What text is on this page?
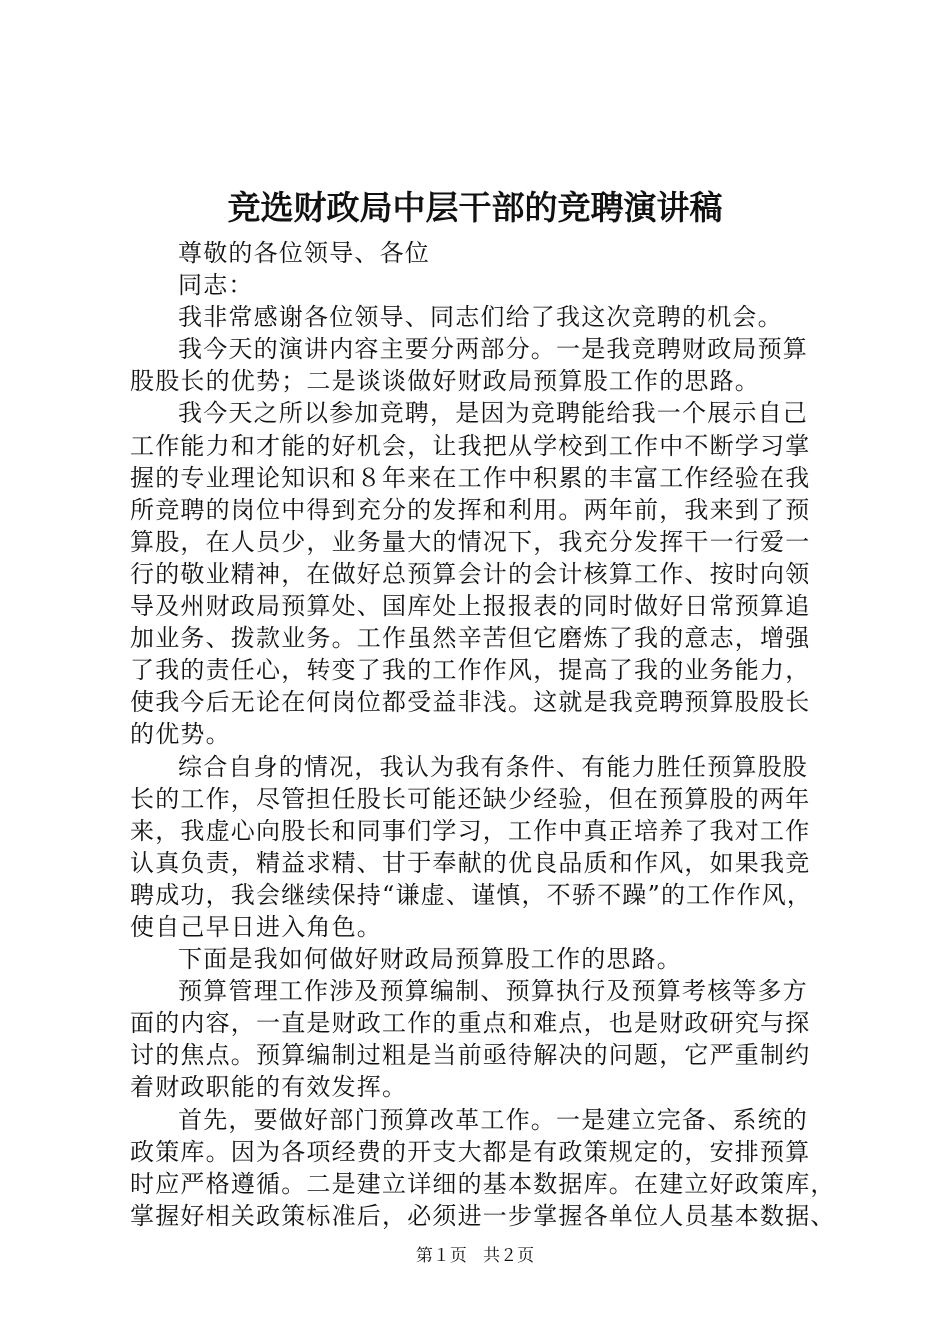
竞选财政局中层干部的竞聘演讲稿
尊敬的各位领导、各位
同志：
我非常感谢各位领导、同志们给了我这次竞聘的机会。
我今天的演讲内容主要分两部分。一是我竞聘财政局预算
股股长的优势；二是谈谈做好财政局预算股工作的思路。
我今天之所以参加竞聘，是因为竞聘能给我一个展示自己
工作能力和才能的好机会，让我把从学校到工作中不断学习掌
握的专业理论知识和８年来在工作中积累的丰富工作经验在我
所竞聘的岗位中得到充分的发挥和利用。两年前，我来到了预
算股，在人员少，业务量大的情况下，我充分发挥干一行爱一
行的敬业精神，在做好总预算会计的会计核算工作、按时向领
导及州财政局预算处、国库处上报报表的同时做好日常预算追
加业务、拨款业务。工作虽然辛苦但它磨炼了我的意志，增强
了我的责任心，转变了我的工作作风，提高了我的业务能力，
使我今后无论在何岗位都受益非浅。这就是我竞聘预算股股长
的优势。
综合自身的情况，我认为我有条件、有能力胜任预算股股
长的工作，尽管担任股长可能还缺少经验，但在预算股的两年
来，我虚心向股长和同事们学习，工作中真正培养了我对工作
认真负责，精益求精、甘于奉献的优良品质和作风，如果我竞
聘成功，我会继续保持“谦虚、谨慎，不骄不躁”的工作作风，
使自己早日进入角色。
下面是我如何做好财政局预算股工作的思路。
预算管理工作涉及预算编制、预算执行及预算考核等多方
面的内容，一直是财政工作的重点和难点，也是财政研究与探
讨的焦点。预算编制过粗是当前亟待解决的问题，它严重制约
着财政职能的有效发挥。
首先，要做好部门预算改革工作。一是建立完备、系统的
政策库。因为各项经费的开支大都是有政策规定的，安排预算
时应严格遵循。二是建立详细的基本数据库。在建立好政策库，
掌握好相关政策标准后，必须进一步掌握各单位人员基本数据、
第１页 共２页
